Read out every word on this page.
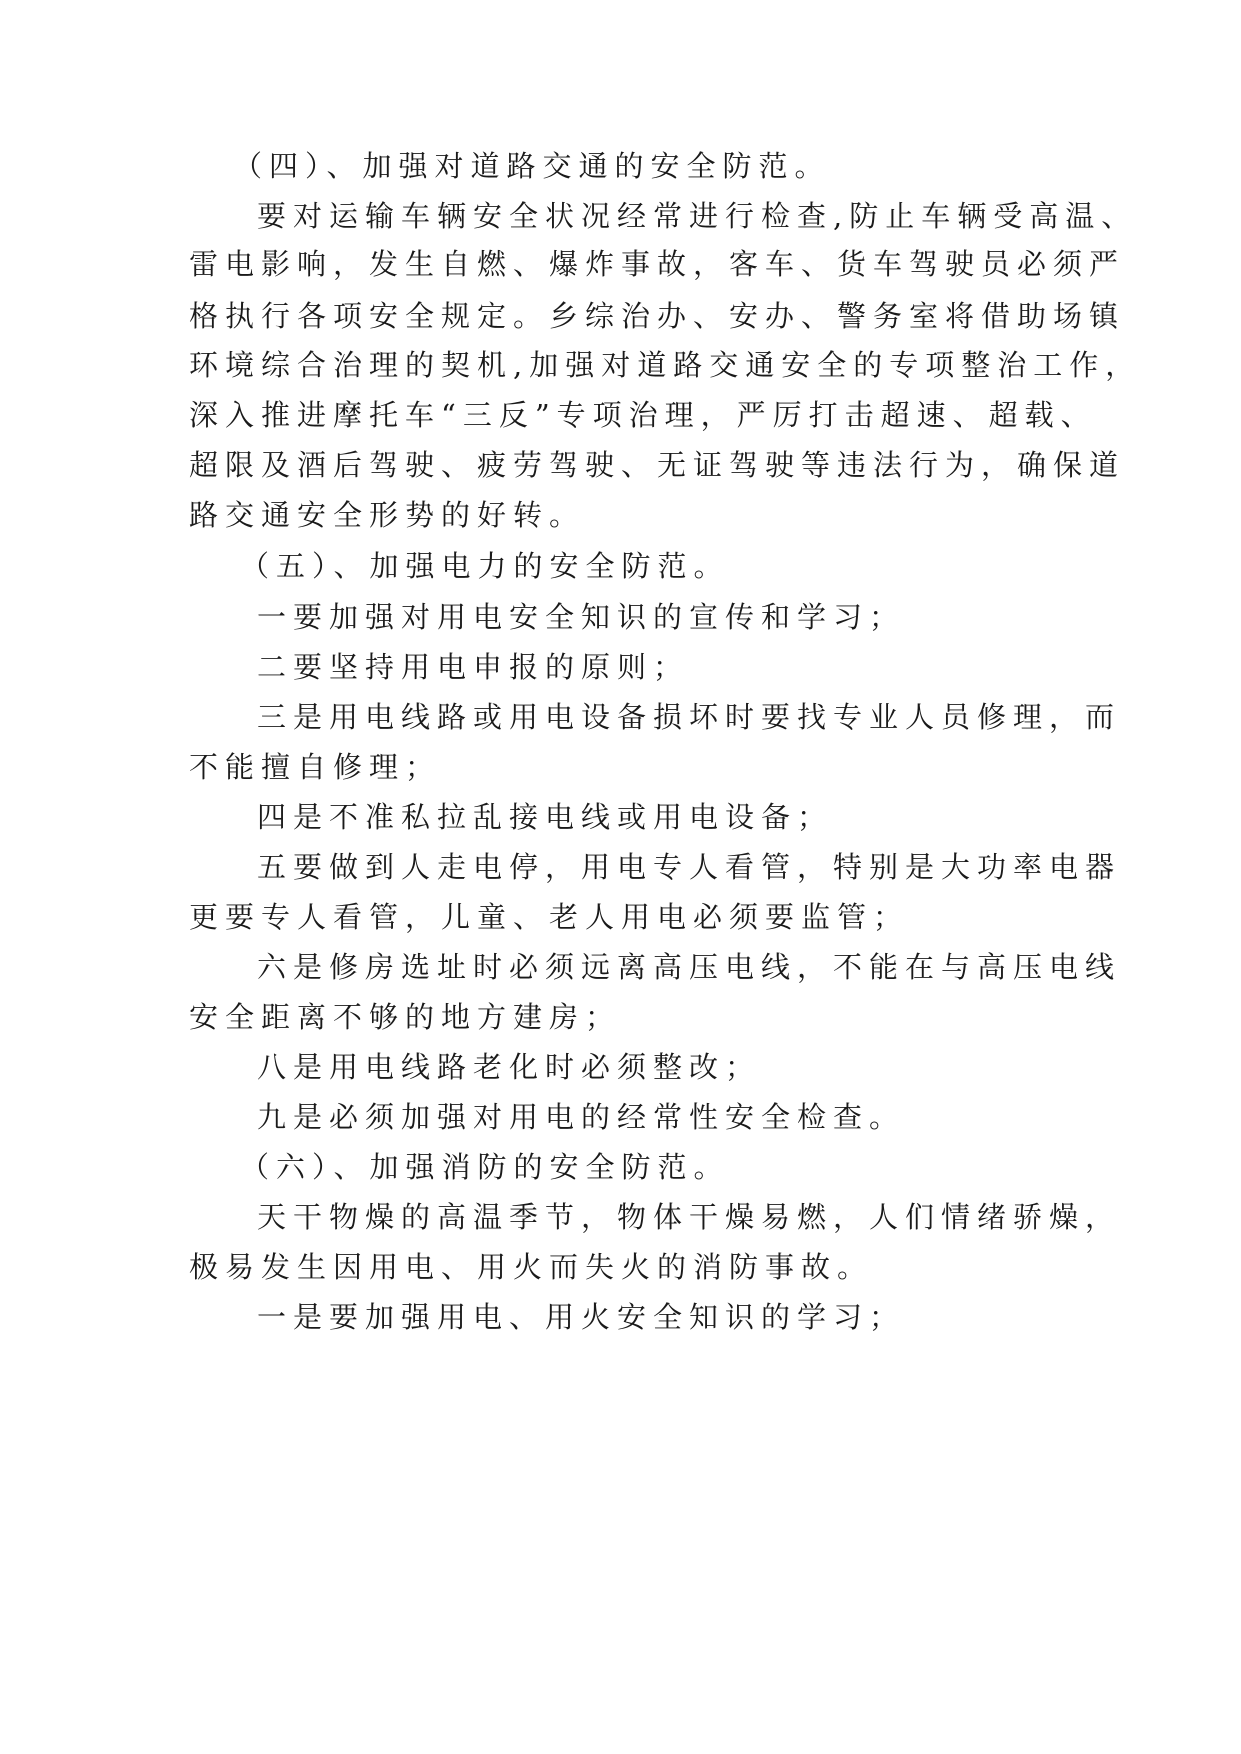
（四）、加强对道路交通的安全防范。
要对运输车辆安全状况经常进行检查,防止车辆受高温、
雷电影响，发生自燃、爆炸事故，客车、货车驾驶员必须严
格执行各项安全规定。乡综治办、安办、警务室将借助场镇
环境综合治理的契机,加强对道路交通安全的专项整治工作，
深入推进摩托车“三反”专项治理，严厉打击超速、超载、
超限及酒后驾驶、疲劳驾驶、无证驾驶等违法行为，确保道
路交通安全形势的好转。
（五）、加强电力的安全防范。
一要加强对用电安全知识的宣传和学习；
二要坚持用电申报的原则；
三是用电线路或用电设备损坏时要找专业人员修理，而
不能擅自修理；
四是不准私拉乱接电线或用电设备；
五要做到人走电停，用电专人看管，特别是大功率电器
更要专人看管，儿童、老人用电必须要监管；
六是修房选址时必须远离高压电线，不能在与高压电线
安全距离不够的地方建房；
八是用电线路老化时必须整改；
九是必须加强对用电的经常性安全检查。
（六）、加强消防的安全防范。
天干物燥的高温季节，物体干燥易燃，人们情绪骄燥，
极易发生因用电、用火而失火的消防事故。
一是要加强用电、用火安全知识的学习；
